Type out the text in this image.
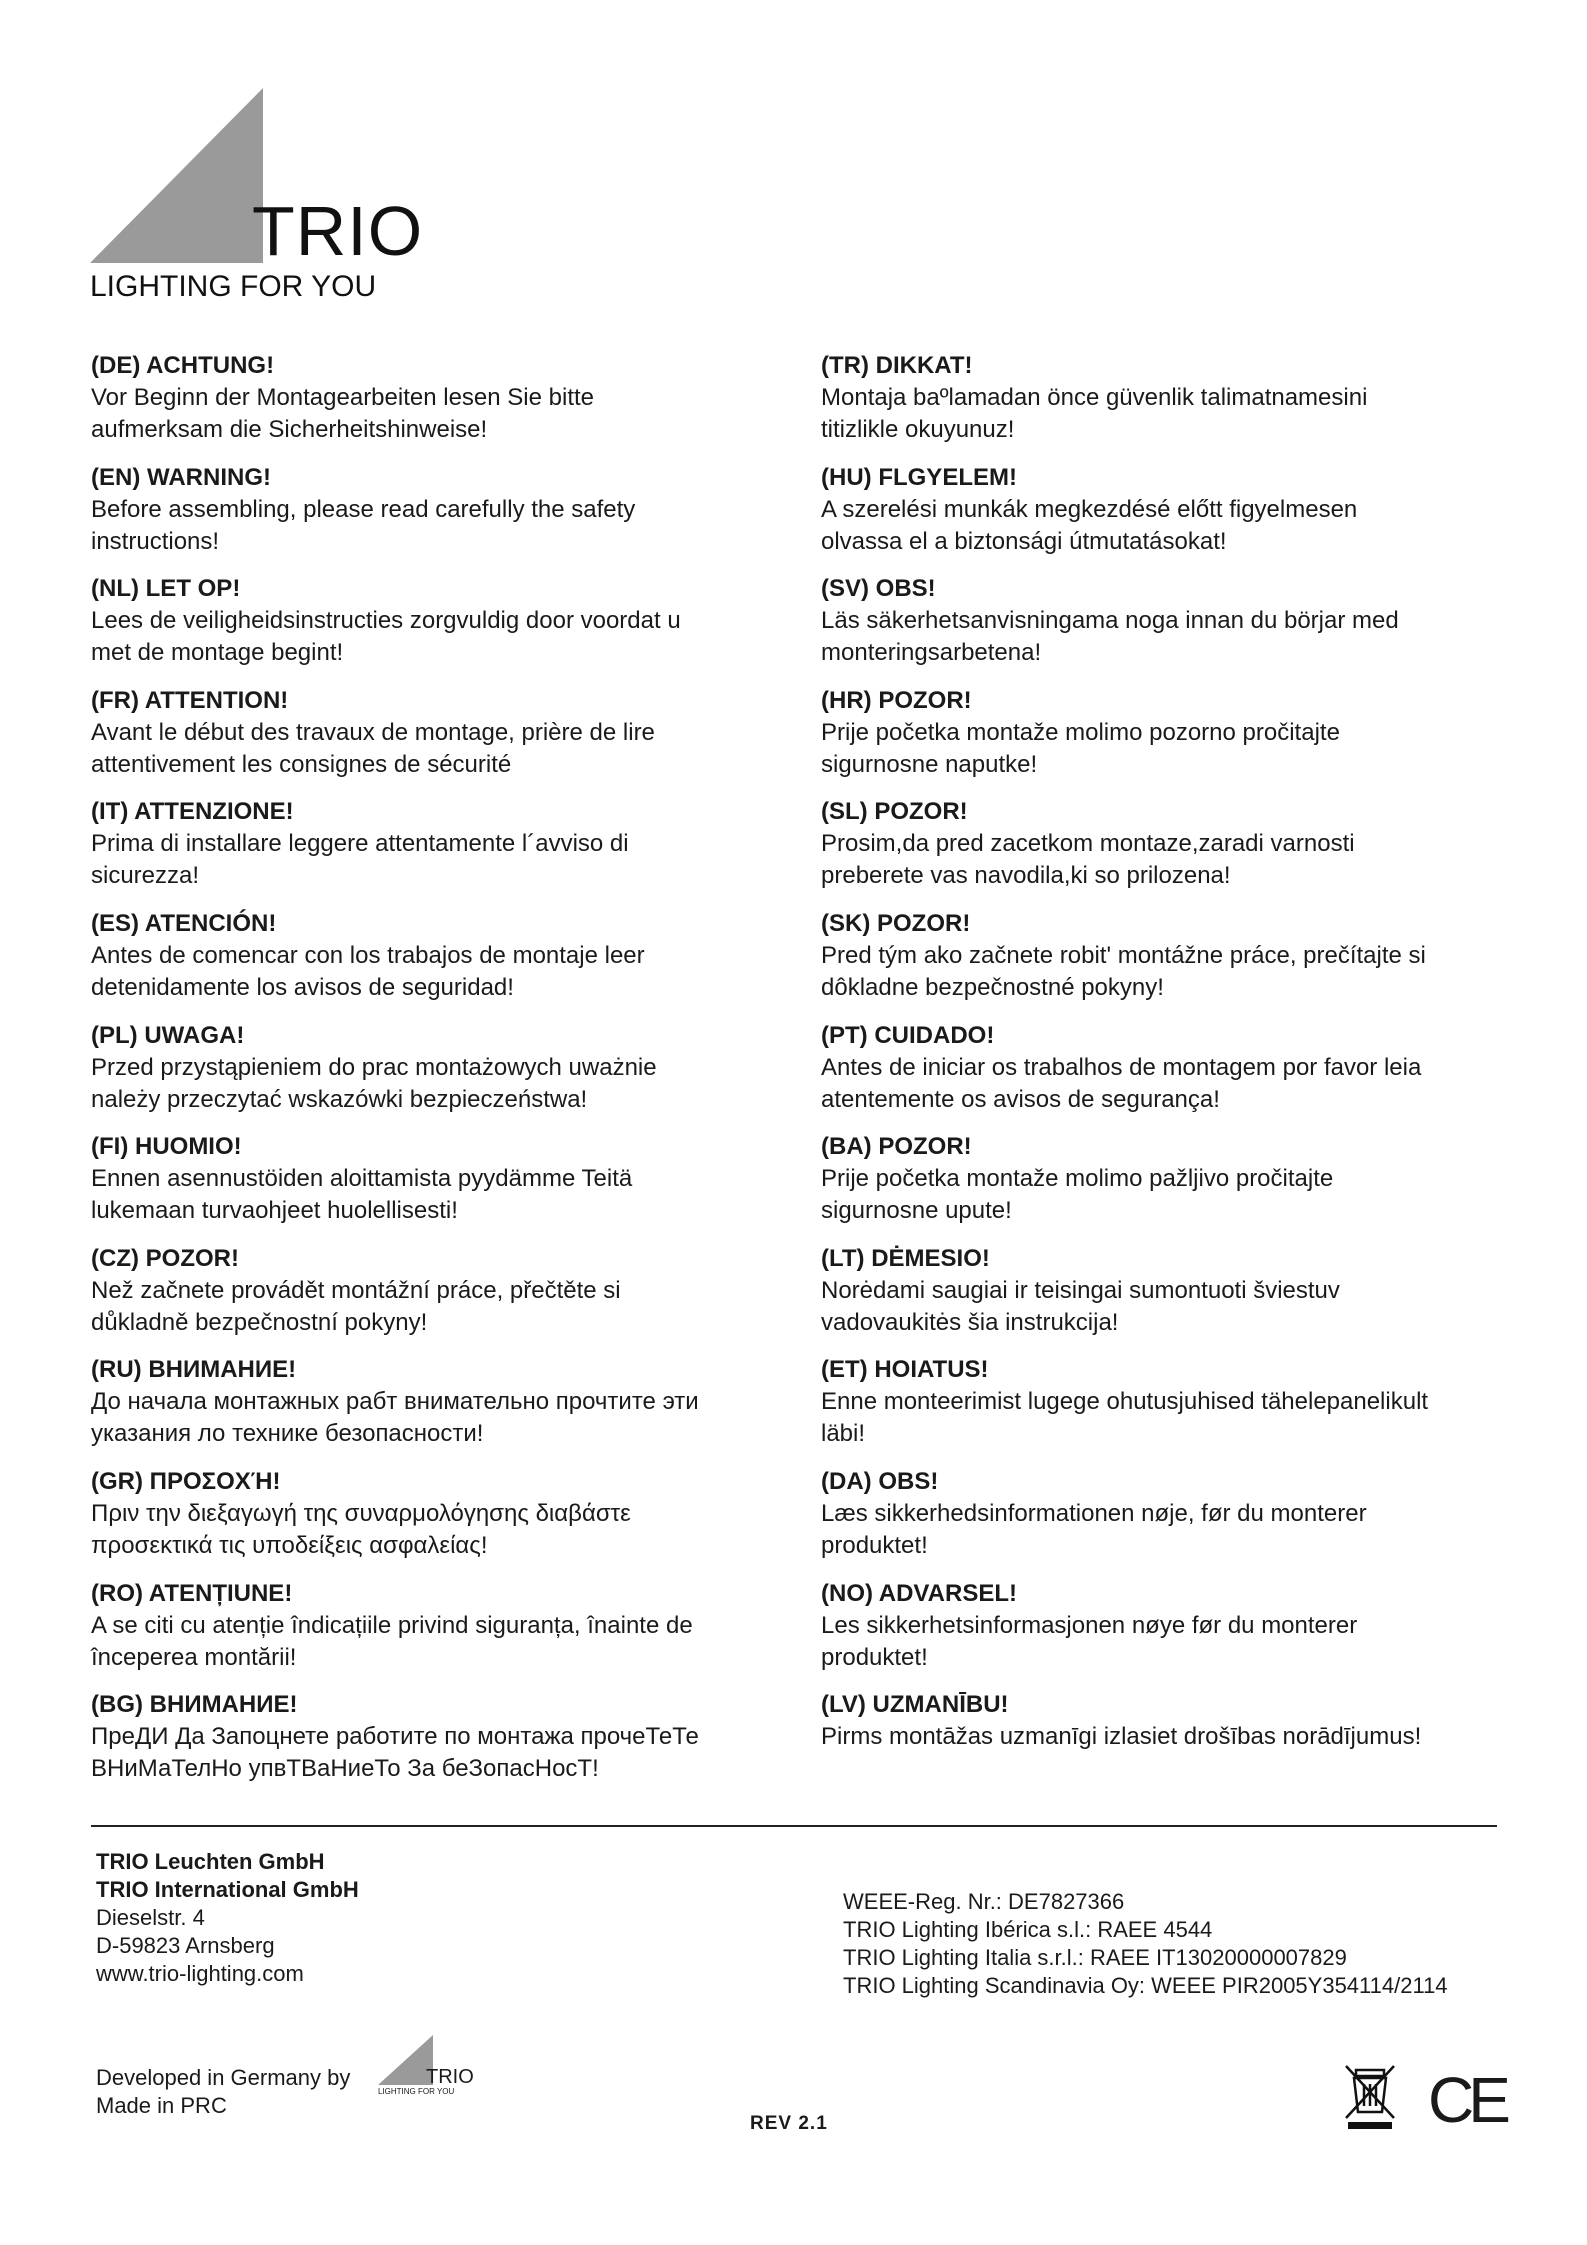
TRIO
LIGHTING FOR YOU

(DE) ACHTUNG!

Vor Beginn der Montagearbeiten lesen Sie bitte

aufmerksam die Sicherheitshinweise!

(EN) WARNING!

Before assembling, please read carefully the safety

instructions!

(NL) LET OP!

Lees de veiligheidsinstructies zorgvuldig door voordat u

met de montage begint!

(FR) ATTENTION!

Avant le début des travaux de montage, prière de lire

attentivement les consignes de sécurité

(IT) ATTENZIONE!

Prima di installare leggere attentamente l´avviso di

sicurezza!

(ES) ATENCIÓN!

Antes de comencar con los trabajos de montaje leer

detenidamente los avisos de seguridad!

(PL) UWAGA!

Przed przystąpieniem do prac montażowych uważnie

należy przeczytać wskazówki bezpieczeństwa!

(FI) HUOMIO!

Ennen asennustöiden aloittamista pyydämme Teitä

lukemaan turvaohjeet huolellisesti!

(CZ) POZOR!

Než začnete provádět montážní práce, přečtěte si

důkladně bezpečnostní pokyny!

(RU) ВНИМАНИЕ!

До начала монтажных рабт внимательно прочтите эти

указания ло технике безопасности!

(GR) ΠΡΟΣΟΧΉ!

Πριν την διεξαγωγή της συναρμολόγησης διαβάστε

προσεκτικά τις υποδείξεις ασφαλείας!

(RO) ATENȚIUNE!

A se citi cu atenție îndicațiile privind siguranța, înainte de

începerea montării!

(BG) ВНИМАНИЕ!

ПреДИ Да Запоцнете работите по монтажа прочеТеТе

ВНиМаТелНо упвТВаНиеТо За беЗопасНосТ!

(TR) DIKKAT!

Montaja baºlamadan önce güvenlik talimatnamesini

titizlikle okuyunuz!

(HU) FLGYELEM!

A szerelési munkák megkezdésé előtt figyelmesen

olvassa el a biztonsági útmutatásokat!

(SV) OBS!

Läs säkerhetsanvisningama noga innan du börjar med

monteringsarbetena!

(HR) POZOR!

Prije početka montaže molimo pozorno pročitajte

sigurnosne naputke!

(SL) POZOR!

Prosim,da pred zacetkom montaze,zaradi varnosti

preberete vas navodila,ki so prilozena!

(SK) POZOR!

Pred tým ako začnete robit' montážne práce, prečítajte si

dôkladne bezpečnostné pokyny!

(PT) CUIDADO!

Antes de iniciar os trabalhos de montagem por favor leia

atentemente os avisos de segurança!

(BA) POZOR!

Prije početka montaže molimo pažljivo pročitajte

sigurnosne upute!

(LT) DĖMESIO!

Norėdami saugiai ir teisingai sumontuoti šviestuv

vadovaukitės šia instrukcija!

(ET) HOIATUS!

Enne monteerimist lugege ohutusjuhised tähelepanelikult

läbi!

(DA) OBS!

Læs sikkerhedsinformationen nøje, før du monterer

produktet!

(NO) ADVARSEL!

Les sikkerhetsinformasjonen nøye før du monterer

produktet!

(LV) UZMANĪBU!

Pirms montāžas uzmanīgi izlasiet drošības norādījumus!

TRIO Leuchten GmbH
TRIO International GmbH
Dieselstr. 4
D-59823 Arnsberg
www.trio-lighting.com
WEEE-Reg. Nr.: DE7827366
TRIO Lighting Ibérica s.l.: RAEE 4544
TRIO Lighting Italia s.r.l.: RAEE IT13020000007829
TRIO Lighting Scandinavia Oy: WEEE PIR2005Y354114/2114
Developed in Germany by
Made in PRC
TRIO
LIGHTING FOR YOU
REV 2.1	CE
